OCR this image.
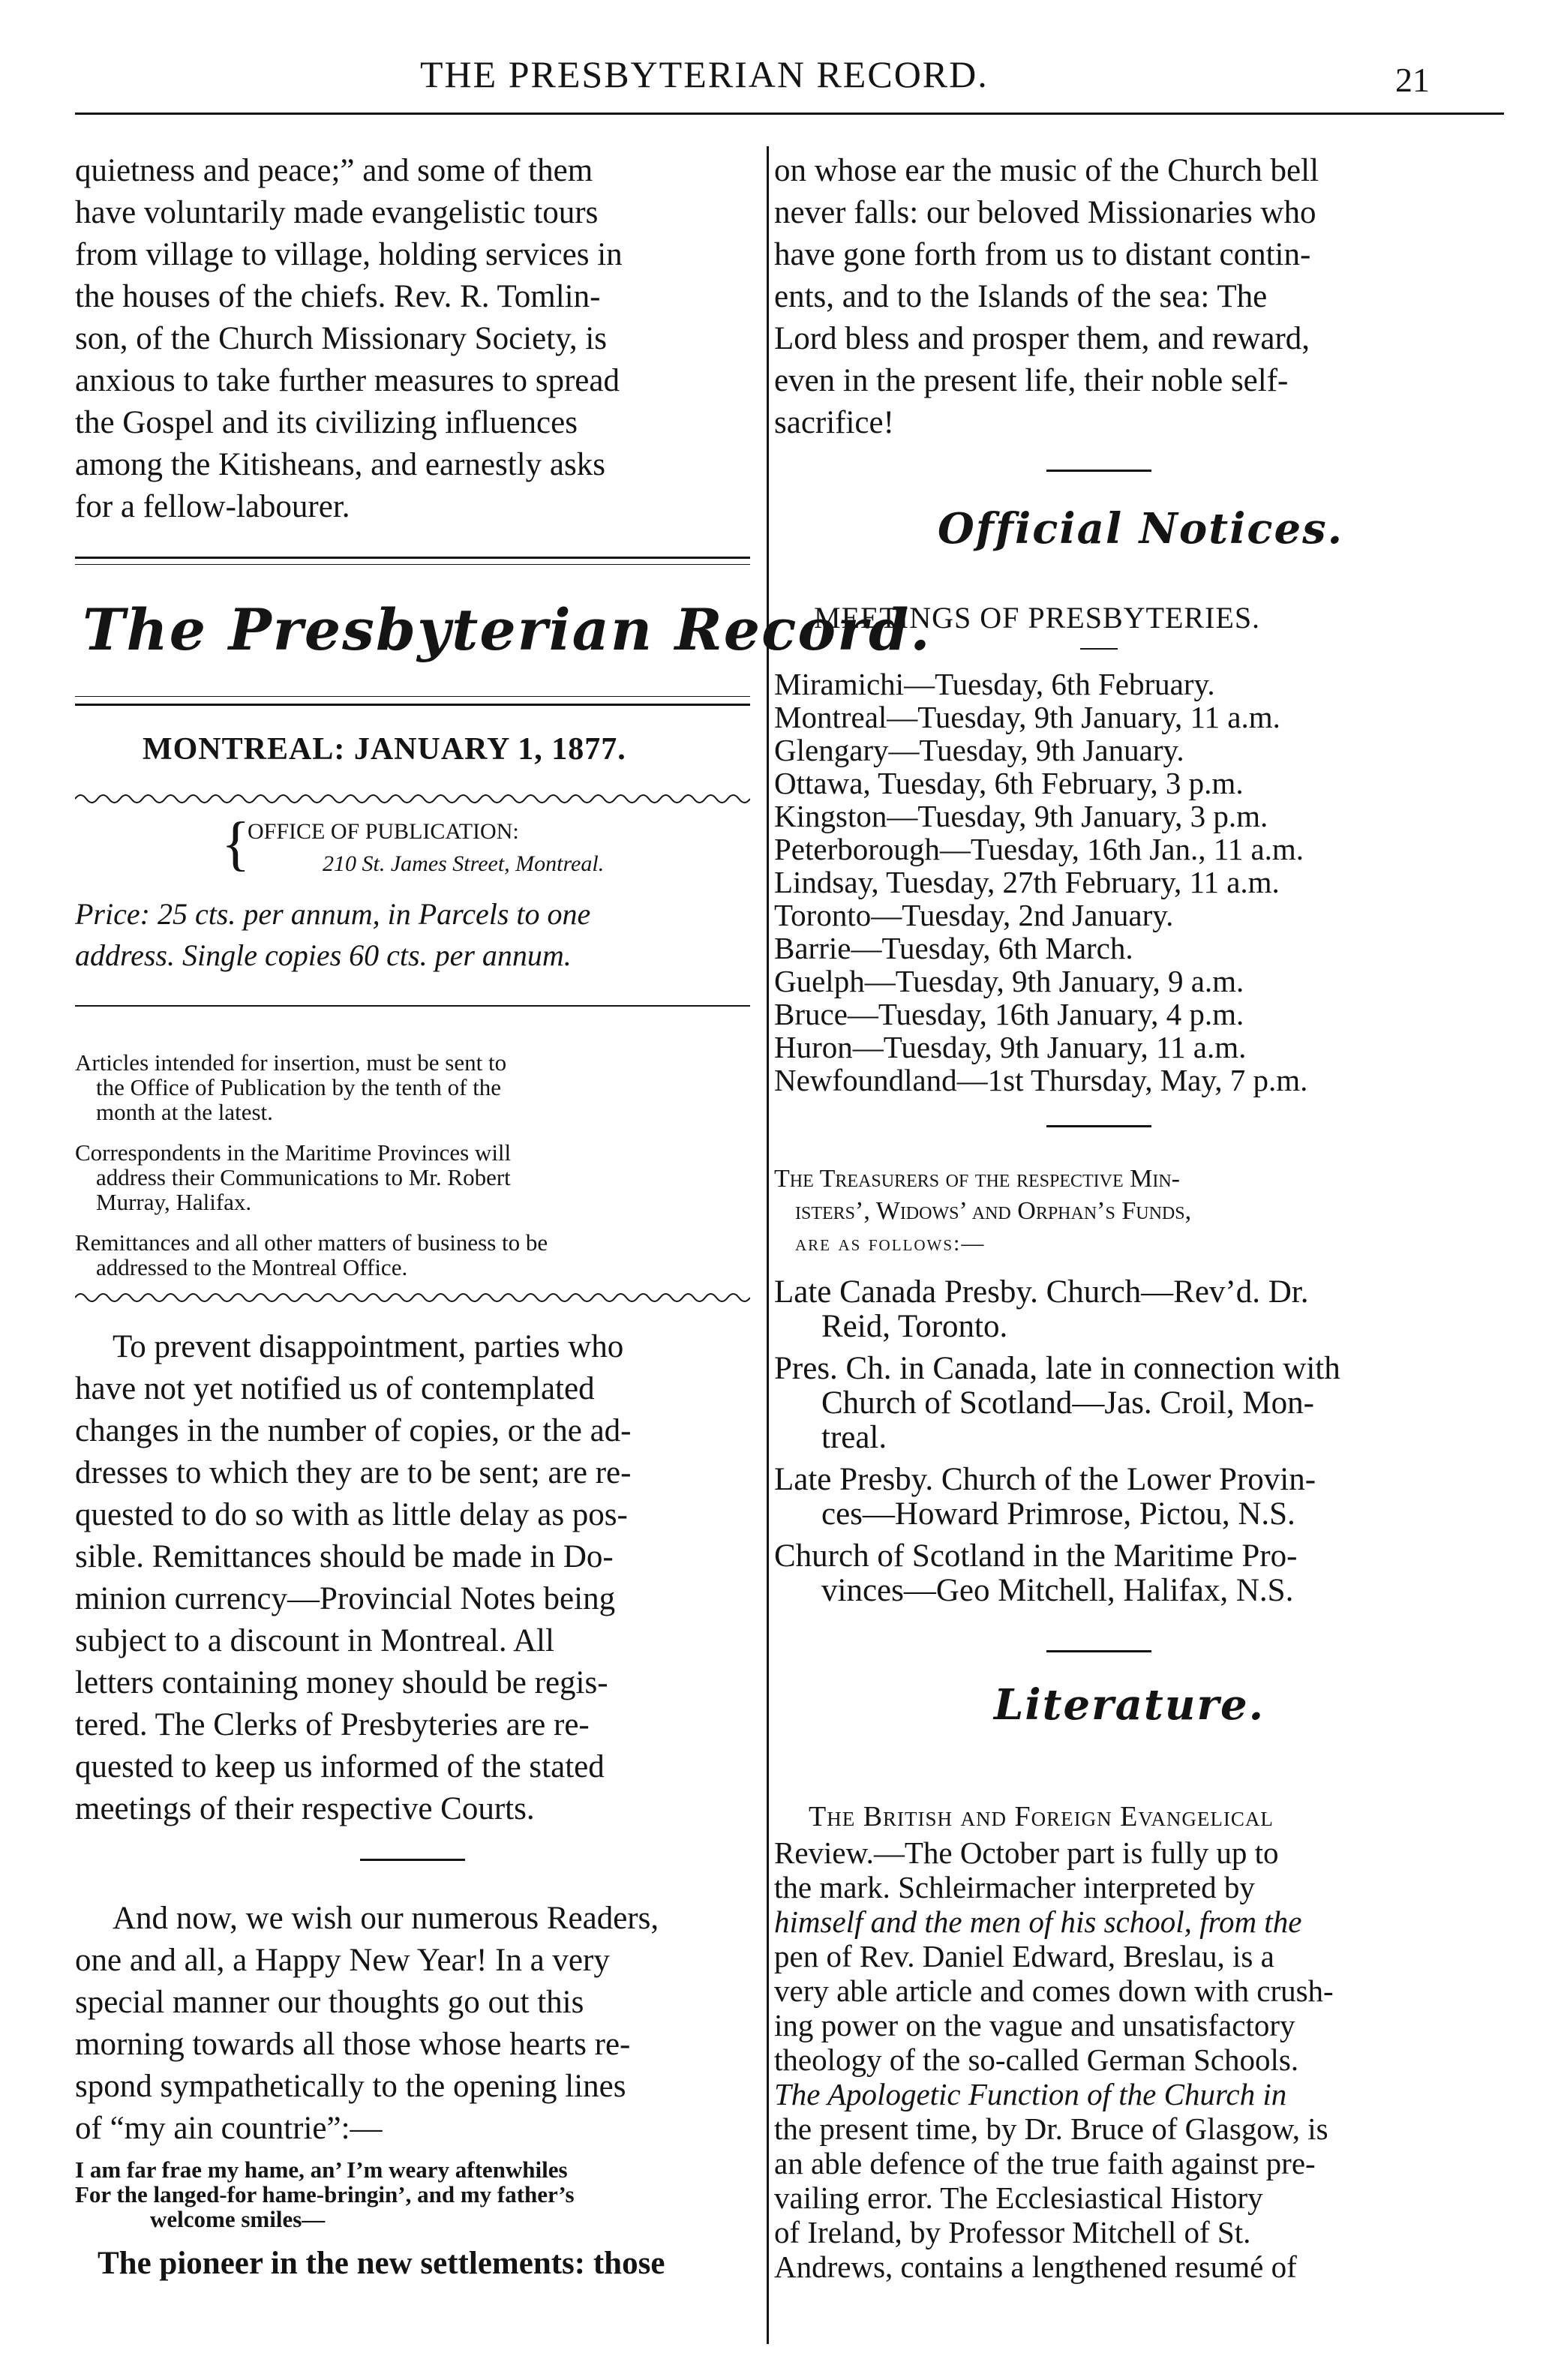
THE PRESBYTERIAN RECORD.	21
quietness and peace;” and some of them
have voluntarily made evangelistic tours
from village to village, holding services in
the houses of the chiefs. Rev. R. Tomlin-
son, of the Church Missionary Society, is
anxious to take further measures to spread
the Gospel and its civilizing influences
among the Kitisheans, and earnestly asks
for a fellow-labourer.
The Presbyterian Record.
MONTREAL: JANUARY 1, 1877.
{
OFFICE OF PUBLICATION:
210 St. James Street, Montreal.
Price: 25 cts. per annum, in Parcels to one
address. Single copies 60 cts. per annum.
Articles intended for insertion, must be sent to
the Office of Publication by the tenth of the
month at the latest.
Correspondents in the Maritime Provinces will
address their Communications to Mr. Robert
Murray, Halifax.
Remittances and all other matters of business to be
addressed to the Montreal Office.
To prevent disappointment, parties who
have not yet notified us of contemplated
changes in the number of copies, or the ad-
dresses to which they are to be sent; are re-
quested to do so with as little delay as pos-
sible. Remittances should be made in Do-
minion currency—Provincial Notes being
subject to a discount in Montreal. All
letters containing money should be regis-
tered. The Clerks of Presbyteries are re-
quested to keep us informed of the stated
meetings of their respective Courts.
And now, we wish our numerous Readers,
one and all, a Happy New Year! In a very
special manner our thoughts go out this
morning towards all those whose hearts re-
spond sympathetically to the opening lines
of “my ain countrie”:—
I am far frae my hame, an’ I’m weary aftenwhiles
For the langed-for hame-bringin’, and my father’s
welcome smiles—
The pioneer in the new settlements: those
on whose ear the music of the Church bell
never falls: our beloved Missionaries who
have gone forth from us to distant contin-
ents, and to the Islands of the sea: The
Lord bless and prosper them, and reward,
even in the present life, their noble self-
sacrifice!
Official Notices.
MEETINGS OF PRESBYTERIES.
Miramichi—Tuesday, 6th February.
Montreal—Tuesday, 9th January, 11 a.m.
Glengary—Tuesday, 9th January.
Ottawa, Tuesday, 6th February, 3 p.m.
Kingston—Tuesday, 9th January, 3 p.m.
Peterborough—Tuesday, 16th Jan., 11 a.m.
Lindsay, Tuesday, 27th February, 11 a.m.
Toronto—Tuesday, 2nd January.
Barrie—Tuesday, 6th March.
Guelph—Tuesday, 9th January, 9 a.m.
Bruce—Tuesday, 16th January, 4 p.m.
Huron—Tuesday, 9th January, 11 a.m.
Newfoundland—1st Thursday, May, 7 p.m.
The Treasurers of the respective Min-
isters’, Widows’ and Orphan’s Funds,
are as follows:—
Late Canada Presby. Church—Rev’d. Dr.
Reid, Toronto.
Pres. Ch. in Canada, late in connection with
Church of Scotland—Jas. Croil, Mon-
treal.
Late Presby. Church of the Lower Provin-
ces—Howard Primrose, Pictou, N.S.
Church of Scotland in the Maritime Pro-
vinces—Geo Mitchell, Halifax, N.S.
Literature.
The British and Foreign Evangelical
Review.—The October part is fully up to
the mark. Schleirmacher interpreted by
himself and the men of his school, from the
pen of Rev. Daniel Edward, Breslau, is a
very able article and comes down with crush-
ing power on the vague and unsatisfactory
theology of the so-called German Schools.
The Apologetic Function of the Church in
the present time, by Dr. Bruce of Glasgow, is
an able defence of the true faith against pre-
vailing error. The Ecclesiastical History
of Ireland, by Professor Mitchell of St.
Andrews, contains a lengthened resumé of
